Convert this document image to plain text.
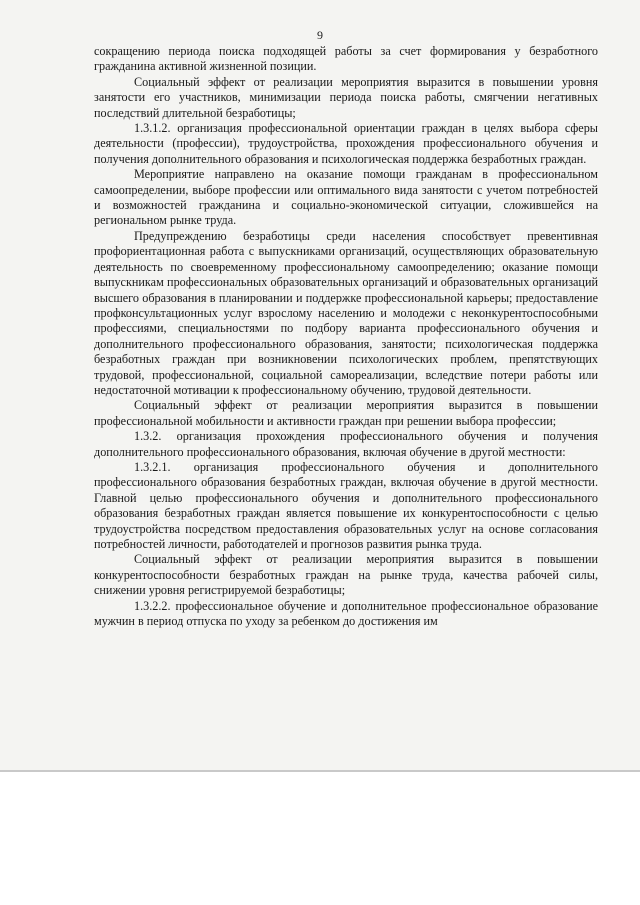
9

сокращению периода поиска подходящей работы за счет формирования у безработного гражданина активной жизненной позиции.

Социальный эффект от реализации мероприятия выразится в повышении уровня занятости его участников, минимизации периода поиска работы, смягчении негативных последствий длительной безработицы;

1.3.1.2. организация профессиональной ориентации граждан в целях выбора сферы деятельности (профессии), трудоустройства, прохождения профессионального обучения и получения дополнительного образования и психологическая поддержка безработных граждан.

Мероприятие направлено на оказание помощи гражданам в профессиональном самоопределении, выборе профессии или оптимального вида занятости с учетом потребностей и возможностей гражданина и социально-экономической ситуации, сложившейся на региональном рынке труда.

Предупреждению безработицы среди населения способствует превентивная профориентационная работа с выпускниками организаций, осуществляющих образовательную деятельность по своевременному профессиональному самоопределению; оказание помощи выпускникам профессиональных образовательных организаций и образовательных организаций высшего образования в планировании и поддержке профессиональной карьеры; предоставление профконсультационных услуг взрослому населению и молодежи с неконкурентоспособными профессиями, специальностями по подбору варианта профессионального обучения и дополнительного профессионального образования, занятости; психологическая поддержка безработных граждан при возникновении психологических проблем, препятствующих трудовой, профессиональной, социальной самореализации, вследствие потери работы или недостаточной мотивации к профессиональному обучению, трудовой деятельности.

Социальный эффект от реализации мероприятия выразится в повышении профессиональной мобильности и активности граждан при решении выбора профессии;

1.3.2. организация прохождения профессионального обучения и получения дополнительного профессионального образования, включая обучение в другой местности:

1.3.2.1. организация профессионального обучения и дополнительного профессионального образования безработных граждан, включая обучение в другой местности. Главной целью профессионального обучения и дополнительного профессионального образования безработных граждан является повышение их конкурентоспособности с целью трудоустройства посредством предоставления образовательных услуг на основе согласования потребностей личности, работодателей и прогнозов развития рынка труда.

Социальный эффект от реализации мероприятия выразится в повышении конкурентоспособности безработных граждан на рынке труда, качества рабочей силы, снижении уровня регистрируемой безработицы;

1.3.2.2. профессиональное обучение и дополнительное профессиональное образование мужчин в период отпуска по уходу за ребенком до достижения им
